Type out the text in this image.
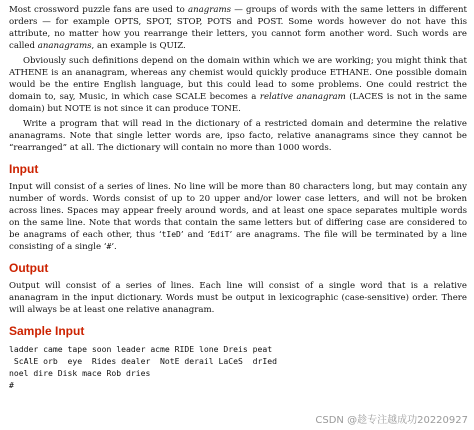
Most crossword puzzle fans are used to anagrams — groups of words with the same letters in different orders — for example OPTS, SPOT, STOP, POTS and POST. Some words however do not have this attribute, no matter how you rearrange their letters, you cannot form another word. Such words are called ananagrams, an example is QUIZ.

Obviously such definitions depend on the domain within which we are working; you might think that ATHENE is an ananagram, whereas any chemist would quickly produce ETHANE. One possible domain would be the entire English language, but this could lead to some problems. One could restrict the domain to, say, Music, in which case SCALE becomes a relative ananagram (LACES is not in the same domain) but NOTE is not since it can produce TONE.

Write a program that will read in the dictionary of a restricted domain and determine the relative ananagrams. Note that single letter words are, ipso facto, relative ananagrams since they cannot be “rearranged” at all. The dictionary will contain no more than 1000 words.

Input

Input will consist of a series of lines. No line will be more than 80 characters long, but may contain any number of words. Words consist of up to 20 upper and/or lower case letters, and will not be broken across lines. Spaces may appear freely around words, and at least one space separates multiple words on the same line. Note that words that contain the same letters but of differing case are considered to be anagrams of each other, thus ‘tIeD’ and ‘EdiT’ are anagrams. The file will be terminated by a line consisting of a single ‘#’.

Output

Output will consist of a series of lines. Each line will consist of a single word that is a relative ananagram in the input dictionary. Words must be output in lexicographic (case-sensitive) order. There will always be at least one relative ananagram.

Sample Input
ladder came tape soon leader acme RIDE lone Dreis peat
ScAlE orb  eye  Rides dealer  NotE derail LaCeS  drIed
noel dire Disk mace Rob dries
#
CSDN @趁专注越成功20220927
